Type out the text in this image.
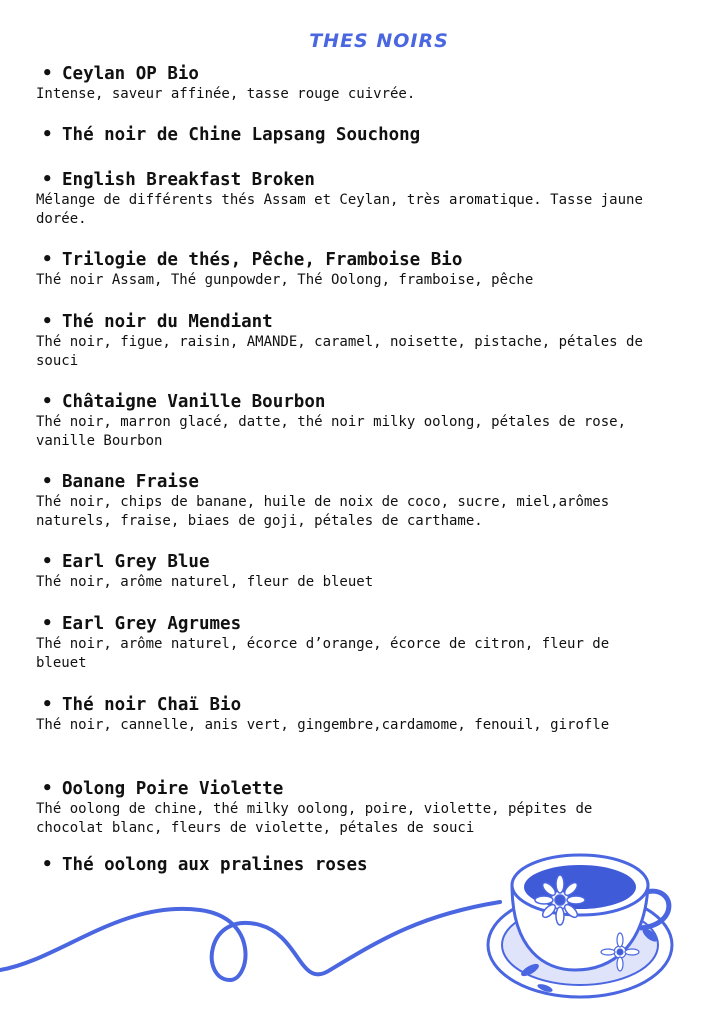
THES NOIRS

• Ceylan OP Bio

Intense, saveur affinée, tasse rouge cuivrée.

• Thé noir de Chine Lapsang Souchong

• English Breakfast Broken

Mélange de différents thés Assam et Ceylan, très aromatique. Tasse jaune
dorée.

• Trilogie de thés, Pêche, Framboise Bio

Thé noir Assam, Thé gunpowder, Thé Oolong, framboise, pêche

• Thé noir du Mendiant

Thé noir, figue, raisin, AMANDE, caramel, noisette, pistache, pétales de
souci

• Châtaigne Vanille Bourbon

Thé noir, marron glacé, datte, thé noir milky oolong, pétales de rose,
vanille Bourbon

• Banane Fraise

Thé noir, chips de banane, huile de noix de coco, sucre, miel,arômes
naturels, fraise, biaes de goji, pétales de carthame.

• Earl Grey Blue

Thé noir, arôme naturel, fleur de bleuet

• Earl Grey Agrumes

Thé noir, arôme naturel, écorce d’orange, écorce de citron, fleur de
bleuet

• Thé noir Chaï Bio

Thé noir, cannelle, anis vert, gingembre,cardamome, fenouil, girofle

• Oolong Poire Violette

Thé oolong de chine, thé milky oolong, poire, violette, pépites de
chocolat blanc, fleurs de violette, pétales de souci

• Thé oolong aux pralines roses
